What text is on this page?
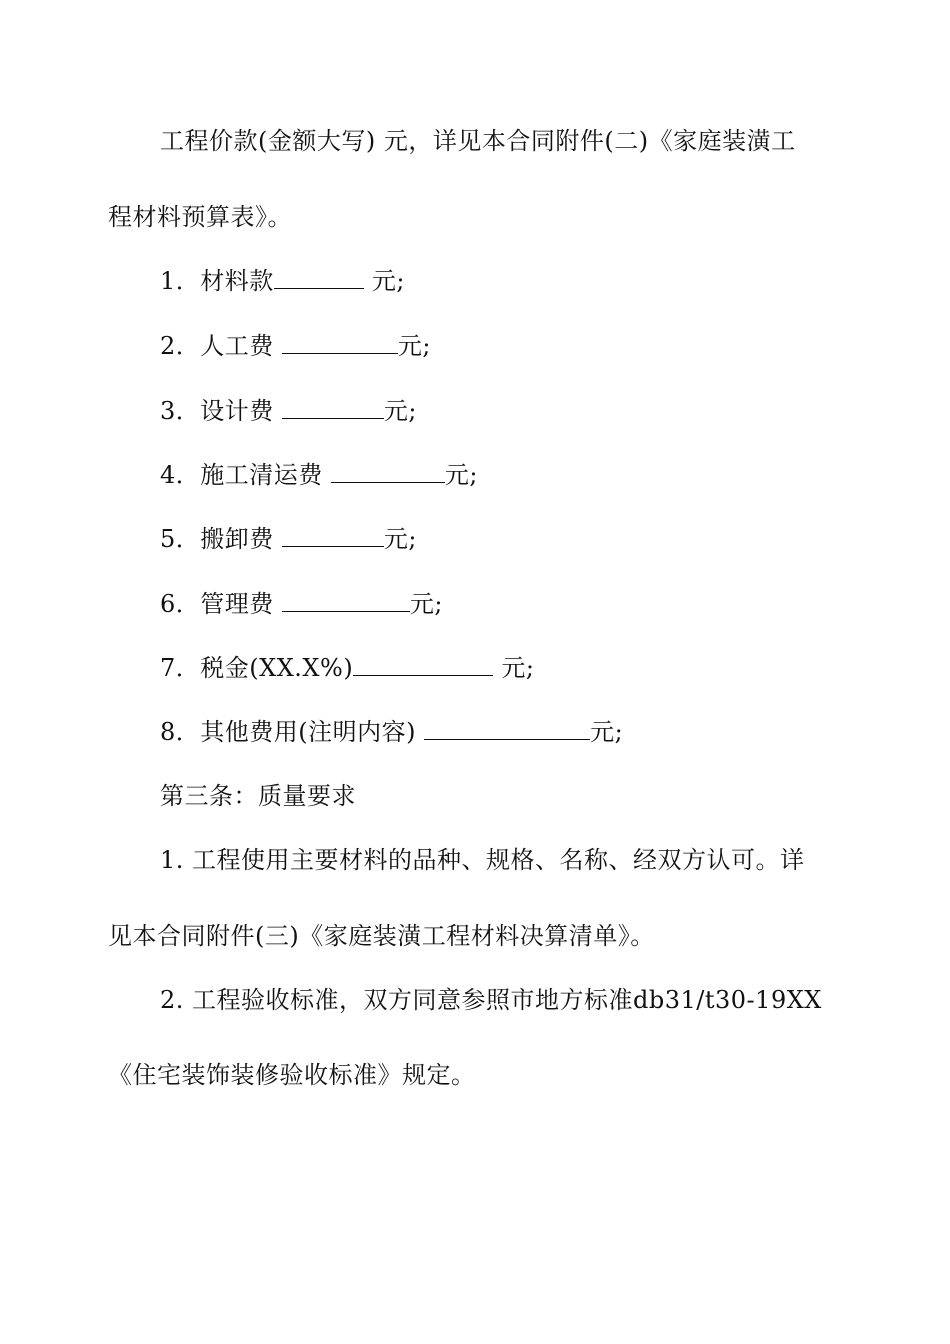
工程价款(金额大写) 元，详见本合同附件(二)《家庭装潢工
程材料预算表》。
1．材料款	元;
2．人工费	元;
3．设计费	元;
4．施工清运费	元;
5．搬卸费	元;
6．管理费	元;
7．税金(XX.X%)	元;
8．其他费用(注明内容)	元;
第三条：质量要求
1. 工程使用主要材料的品种、规格、名称、经双方认可。详
见本合同附件(三)《家庭装潢工程材料决算清单》。
2. 工程验收标准，双方同意参照市地方标准db31/t30-19XX
《住宅装饰装修验收标准》规定。
